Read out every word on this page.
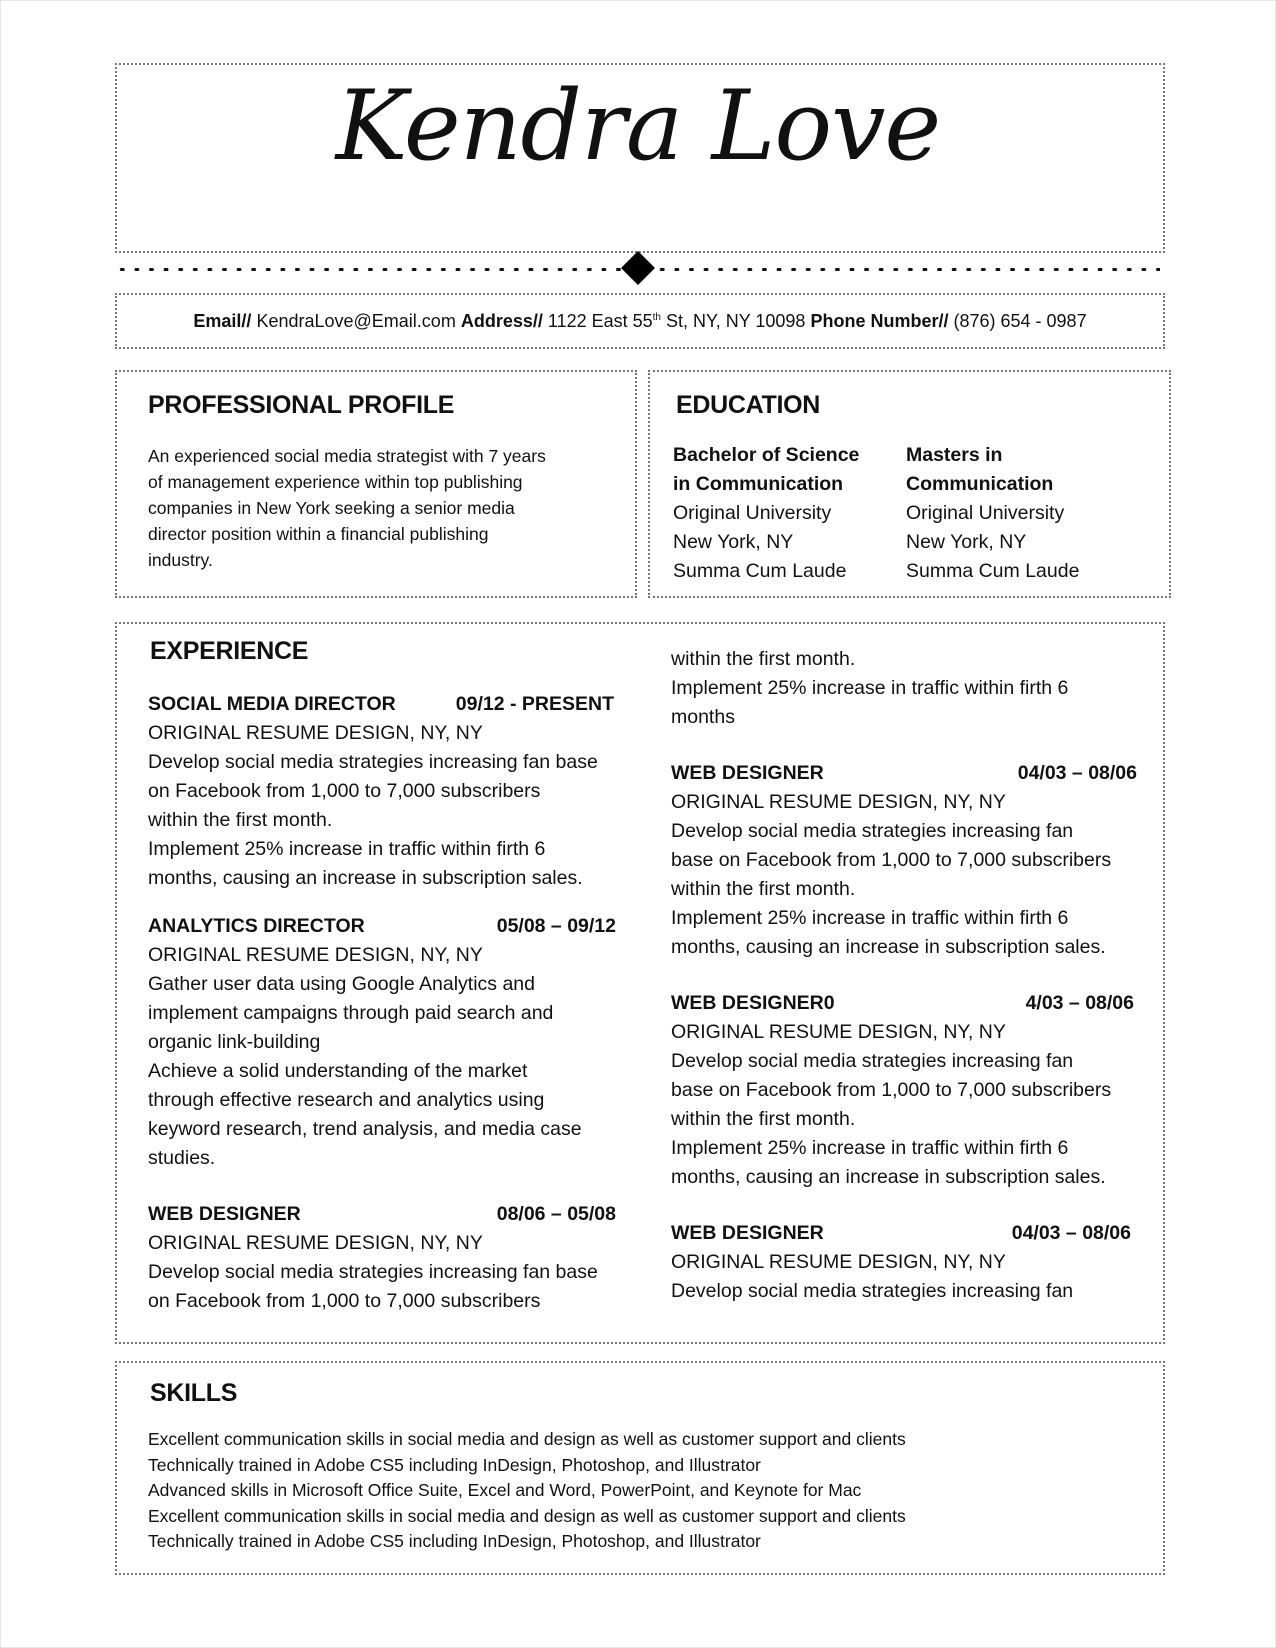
Kendra Love
Email// KendraLove@Email.com Address// 1122 East 55th St, NY, NY 10098 Phone Number// (876) 654 - 0987
PROFESSIONAL PROFILE
An experienced social media strategist with 7 years
of management experience within top publishing
companies in New York seeking a senior media
director position within a financial publishing
industry.
EDUCATION
Bachelor of Science
in Communication
Original University
New York, NY
Summa Cum Laude
Masters in
Communication
Original University
New York, NY
Summa Cum Laude
EXPERIENCE
SOCIAL MEDIA DIRECTOR	09/12 - PRESENT
ORIGINAL RESUME DESIGN, NY, NY
Develop social media strategies increasing fan base
on Facebook from 1,000 to 7,000 subscribers
within the first month.
Implement 25% increase in traffic within firth 6
months, causing an increase in subscription sales.
ANALYTICS DIRECTOR	05/08 – 09/12
ORIGINAL RESUME DESIGN, NY, NY
Gather user data using Google Analytics and
implement campaigns through paid search and
organic link-building
Achieve a solid understanding of the market
through effective research and analytics using
keyword research, trend analysis, and media case
studies.
WEB DESIGNER	08/06 – 05/08
ORIGINAL RESUME DESIGN, NY, NY
Develop social media strategies increasing fan base
on Facebook from 1,000 to 7,000 subscribers
within the first month.
Implement 25% increase in traffic within firth 6
months
WEB DESIGNER	04/03 – 08/06
ORIGINAL RESUME DESIGN, NY, NY
Develop social media strategies increasing fan
base on Facebook from 1,000 to 7,000 subscribers
within the first month.
Implement 25% increase in traffic within firth 6
months, causing an increase in subscription sales.
WEB DESIGNER0	4/03 – 08/06
ORIGINAL RESUME DESIGN, NY, NY
Develop social media strategies increasing fan
base on Facebook from 1,000 to 7,000 subscribers
within the first month.
Implement 25% increase in traffic within firth 6
months, causing an increase in subscription sales.
WEB DESIGNER	04/03 – 08/06
ORIGINAL RESUME DESIGN, NY, NY
Develop social media strategies increasing fan
SKILLS
Excellent communication skills in social media and design as well as customer support and clients
Technically trained in Adobe CS5 including InDesign, Photoshop, and Illustrator
Advanced skills in Microsoft Office Suite, Excel and Word, PowerPoint, and Keynote for Mac
Excellent communication skills in social media and design as well as customer support and clients
Technically trained in Adobe CS5 including InDesign, Photoshop, and Illustrator
